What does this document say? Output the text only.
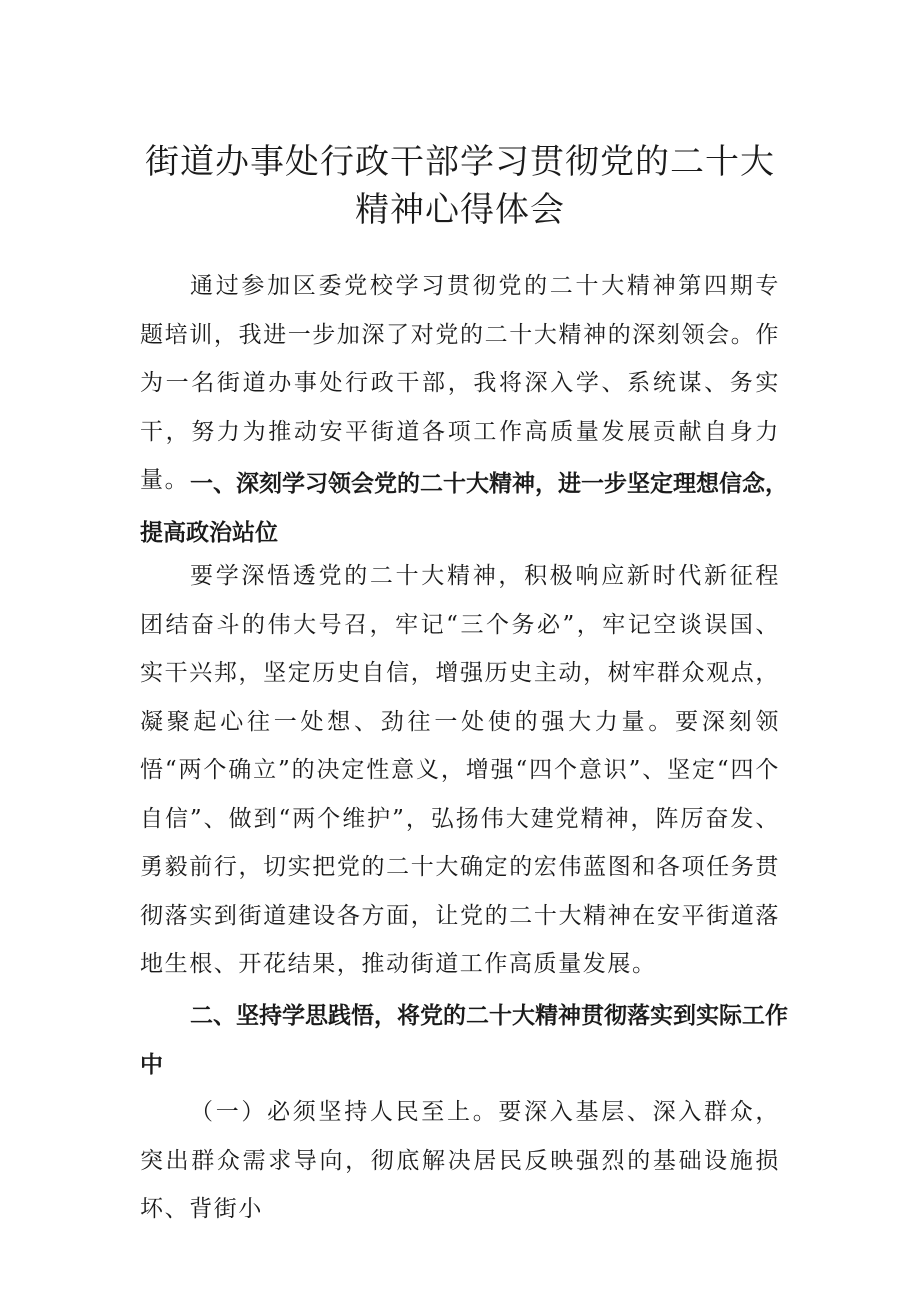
街道办事处行政干部学习贯彻党的二十大
精神心得体会

通过参加区委党校学习贯彻党的二十大精神第四期专题培训，我进一步加深了对党的二十大精神的深刻领会。作为一名街道办事处行政干部，我将深入学、系统谋、务实干，努力为推动安平街道各项工作高质量发展贡献自身力量。 一、深刻学习领会党的二十大精神，进一步坚定理想信念，提高政治站位

要学深悟透党的二十大精神，积极响应新时代新征程团结奋斗的伟大号召，牢记“三个务必”，牢记空谈误国、实干兴邦，坚定历史自信，增强历史主动，树牢群众观点，凝聚起心往一处想、劲往一处使的强大力量。要深刻领悟“两个确立”的决定性意义，增强“四个意识”、坚定“四个自信”、做到“两个维护”，弘扬伟大建党精神，阵厉奋发、勇毅前行，切实把党的二十大确定的宏伟蓝图和各项任务贯彻落实到街道建设各方面，让党的二十大精神在安平街道落地生根、开花结果，推动街道工作高质量发展。

二、坚持学思践悟，将党的二十大精神贯彻落实到实际工作中

（一）必须坚持人民至上。要深入基层、深入群众，突出群众需求导向，彻底解决居民反映强烈的基础设施损坏、背街小
